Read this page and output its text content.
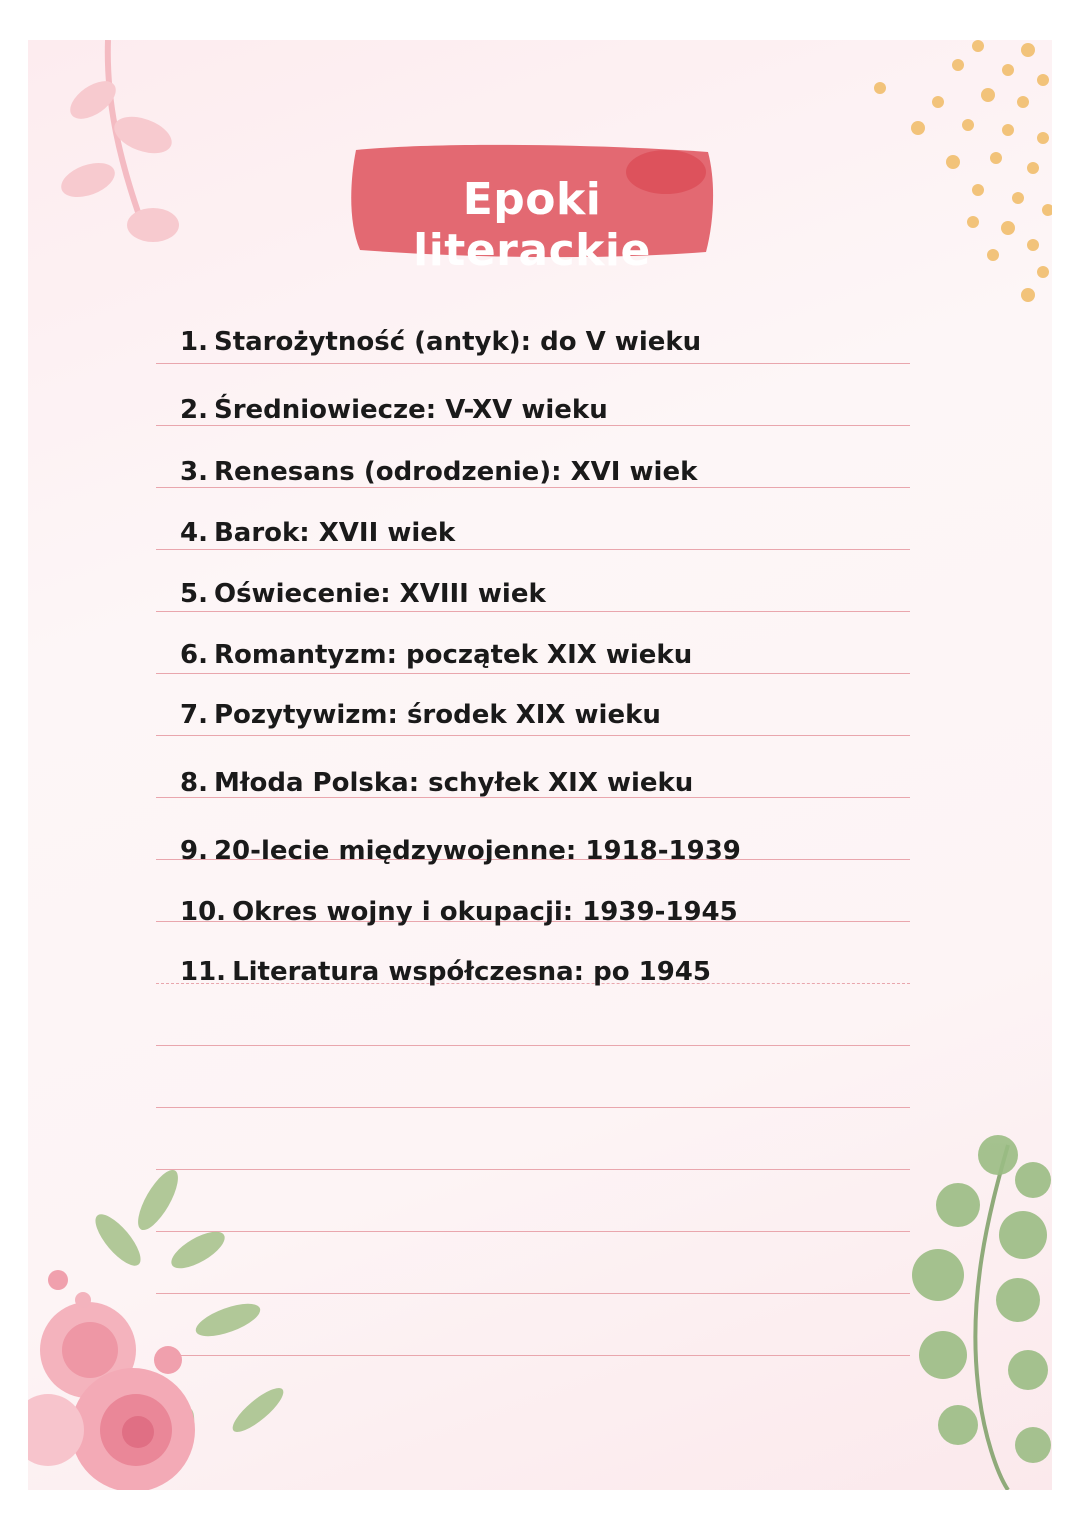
Epoki literackie
1. Starożytność (antyk): do V wieku
2. Średniowiecze: V-XV wieku
3. Renesans (odrodzenie): XVI wiek
4. Barok: XVII wiek
5. Oświecenie: XVIII wiek
6. Romantyzm: początek XIX wieku
7. Pozytywizm: środek XIX wieku
8. Młoda Polska: schyłek XIX wieku
9. 20-lecie międzywojenne: 1918-1939
10. Okres wojny i okupacji: 1939-1945
11. Literatura współczesna: po 1945
